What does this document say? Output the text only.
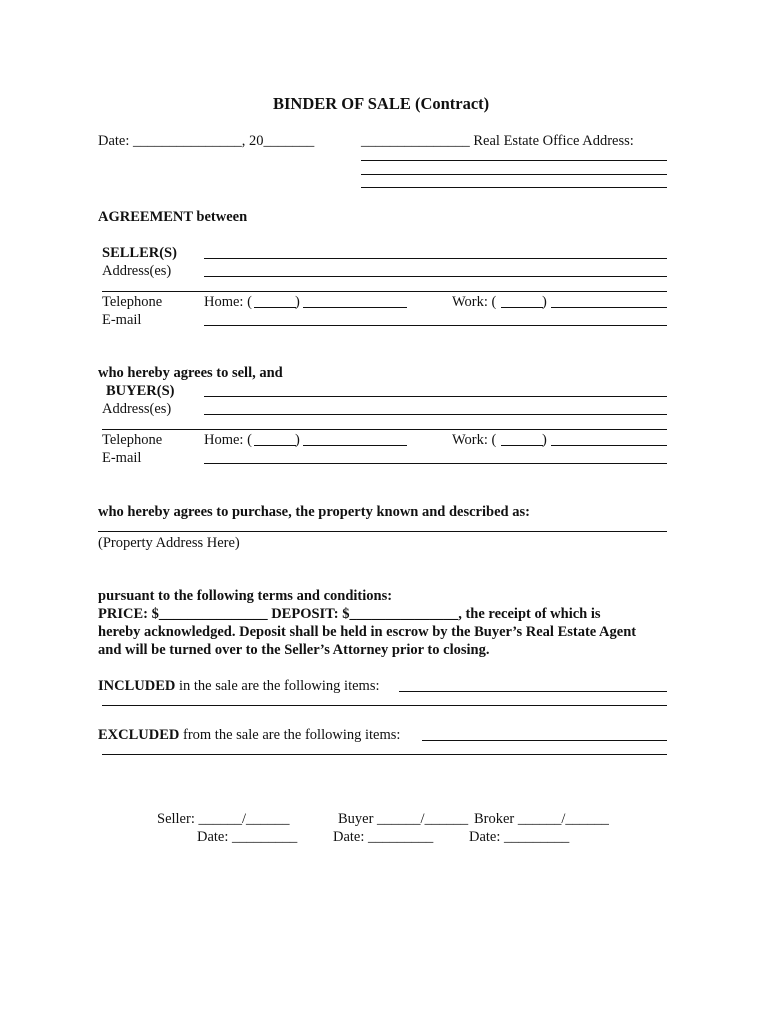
BINDER OF SALE (Contract)
Date: _______________, 20_______	_______________ Real Estate Office Address:
AGREEMENT between
SELLER(S)
Address(es)
Telephone	Home: (	)	Work: (	)
E-mail
who hereby agrees to sell, and
BUYER(S)
Address(es)
Telephone	Home: (	)	Work: (	)
E-mail
who hereby agrees to purchase, the property known and described as:
(Property Address Here)
pursuant to the following terms and conditions:
PRICE: $_______________ DEPOSIT: $_______________, the receipt of which is
hereby acknowledged. Deposit shall be held in escrow by the Buyer’s Real Estate Agent
and will be turned over to the Seller’s Attorney prior to closing.
INCLUDED in the sale are the following items:
EXCLUDED from the sale are the following items:
Seller: ______/______
Date: _________
Buyer ______/______
Date: _________
Broker ______/______
Date: _________
